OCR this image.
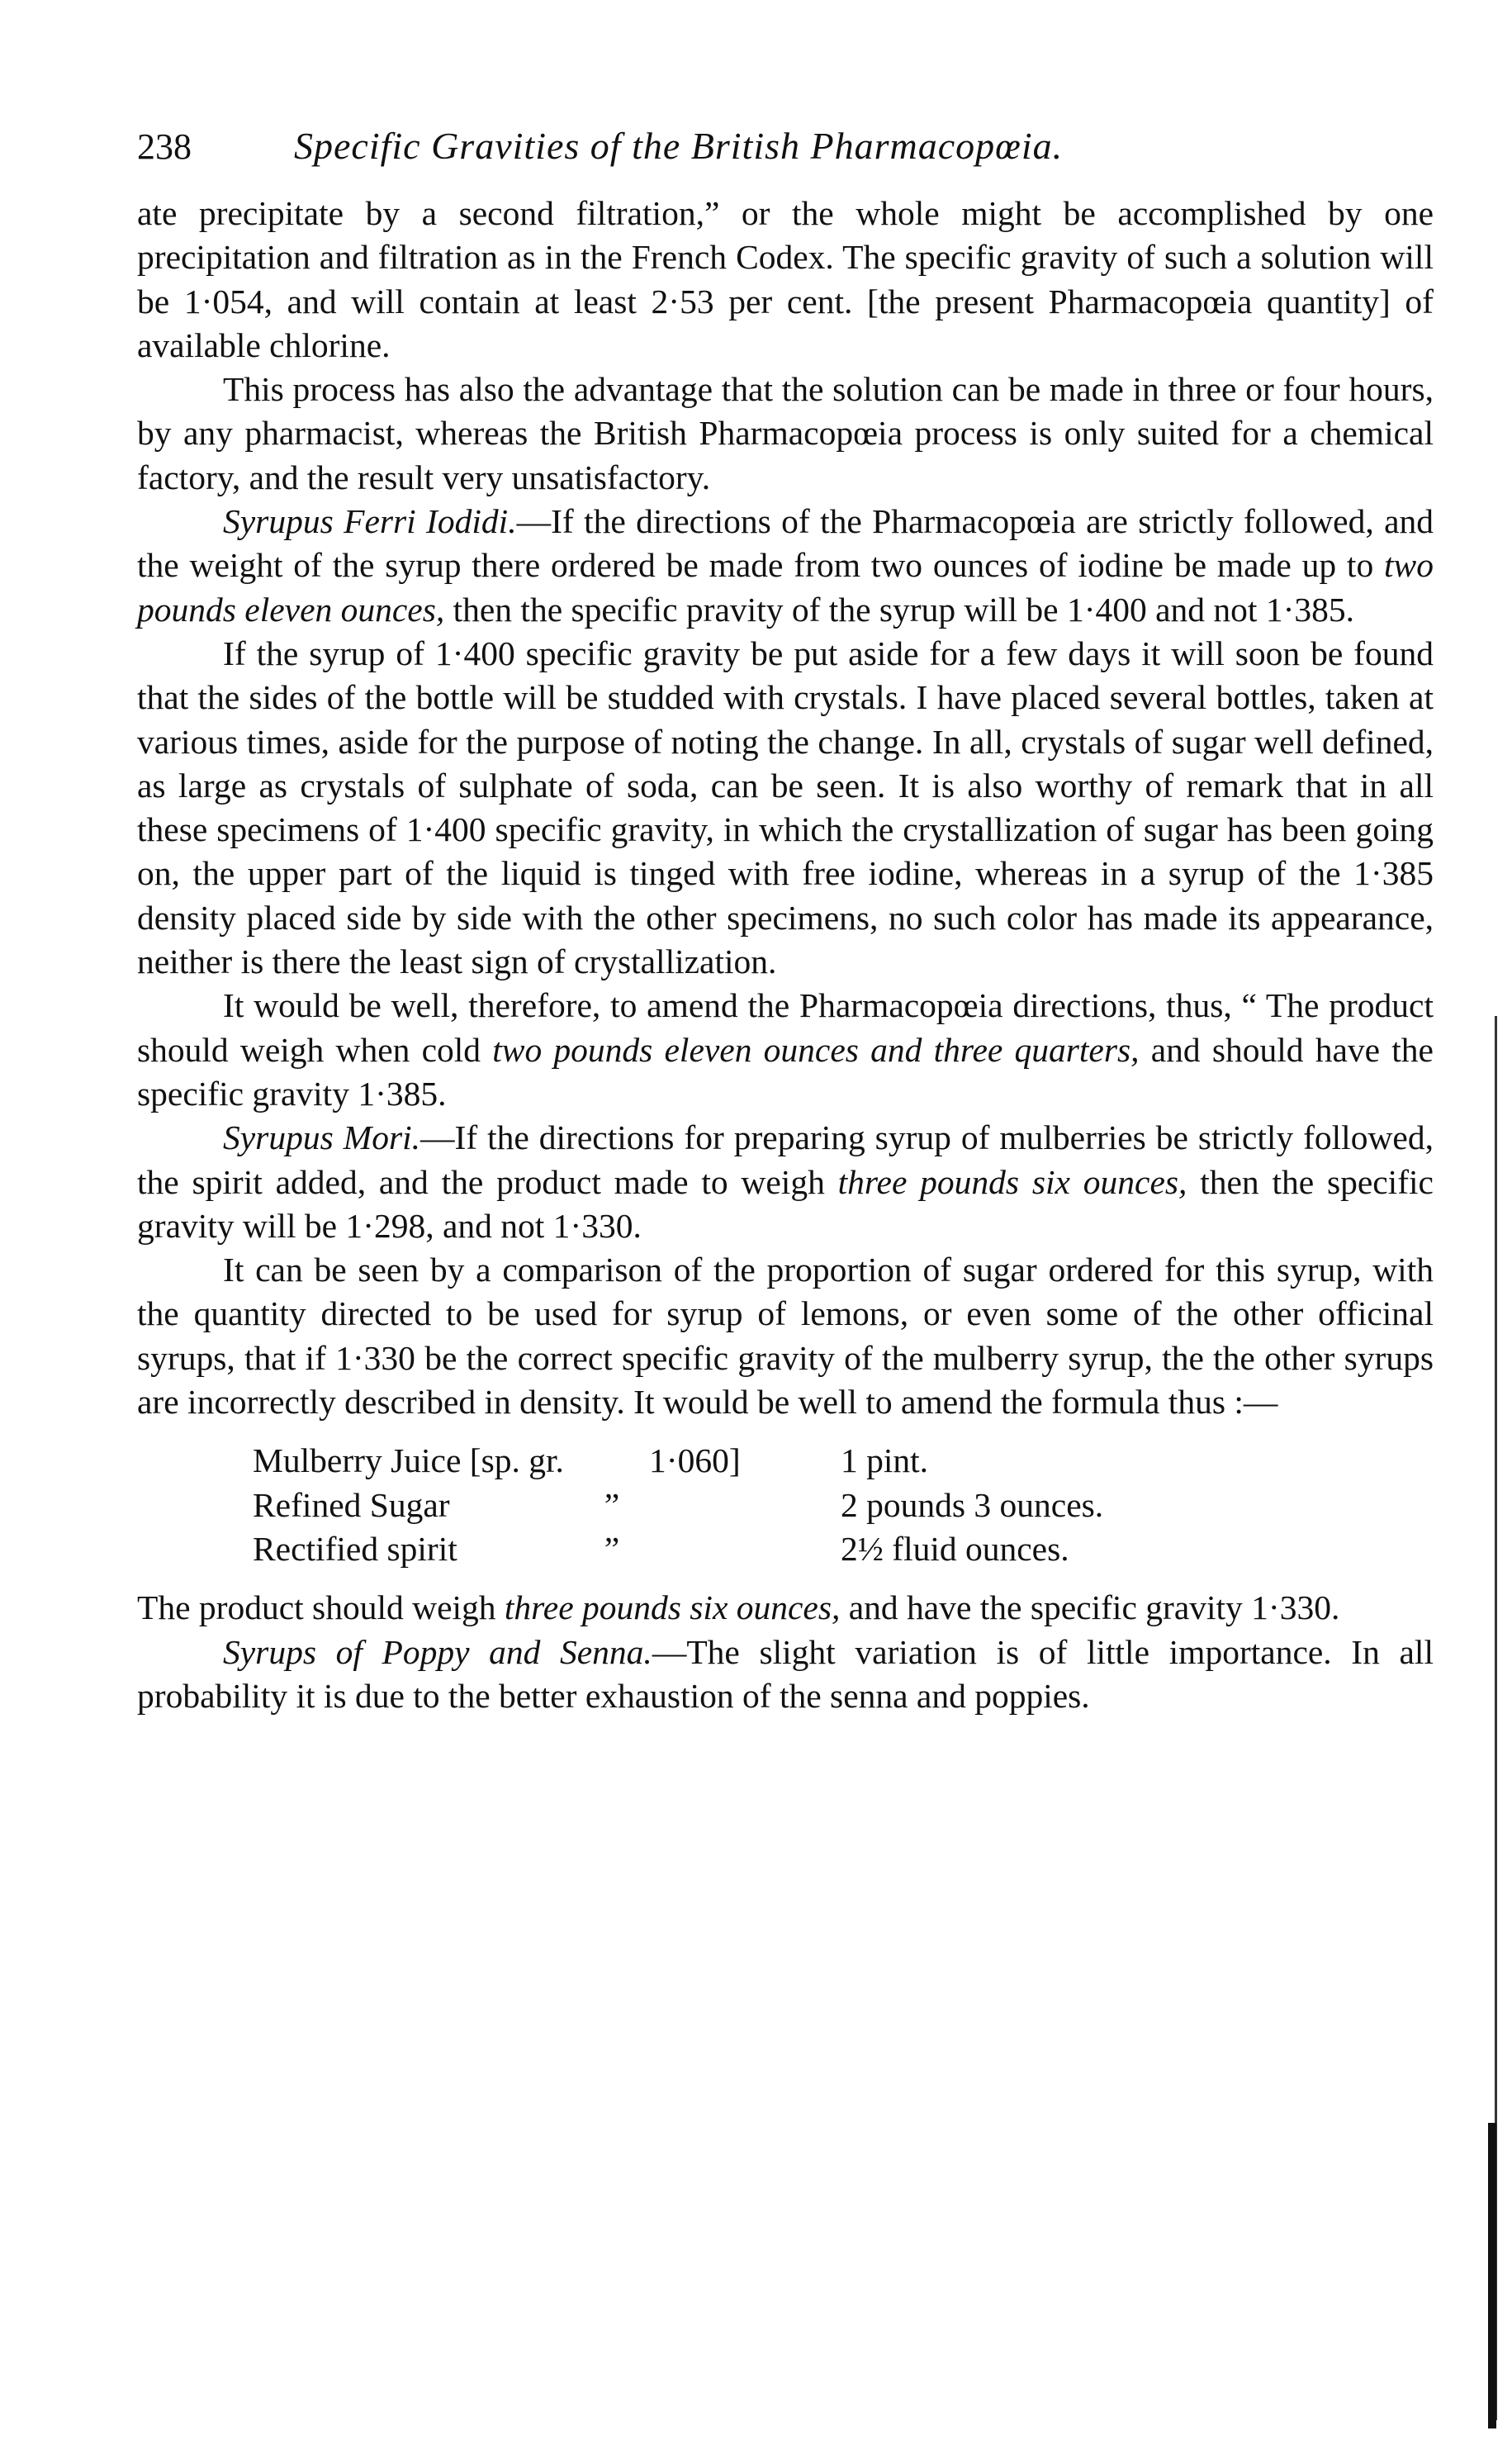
238	Specific Gravities of the British Pharmacopœia.

ate precipitate by a second filtration,” or the whole might be accomplished by one precipitation and filtration as in the French Codex. The specific gravity of such a solution will be 1·054, and will contain at least 2·53 per cent. [the present Pharmacopœia quantity] of available chlorine.

This process has also the advantage that the solution can be made in three or four hours, by any pharmacist, whereas the British Pharmacopœia process is only suited for a chemical factory, and the result very unsatisfactory.

Syrupus Ferri Iodidi.—If the directions of the Pharmacopœia are strictly followed, and the weight of the syrup there ordered be made from two ounces of iodine be made up to two pounds eleven ounces, then the specific pravity of the syrup will be 1·400 and not 1·385.

If the syrup of 1·400 specific gravity be put aside for a few days it will soon be found that the sides of the bottle will be studded with crystals. I have placed several bottles, taken at various times, aside for the purpose of noting the change. In all, crystals of sugar well defined, as large as crystals of sulphate of soda, can be seen. It is also worthy of remark that in all these specimens of 1·400 specific gravity, in which the crystallization of sugar has been going on, the upper part of the liquid is tinged with free iodine, whereas in a syrup of the 1·385 density placed side by side with the other specimens, no such color has made its appearance, neither is there the least sign of crystallization.

It would be well, therefore, to amend the Pharmacopœia directions, thus, “ The product should weigh when cold two pounds eleven ounces and three quarters, and should have the specific gravity 1·385.

Syrupus Mori.—If the directions for preparing syrup of mulberries be strictly followed, the spirit added, and the product made to weigh three pounds six ounces, then the specific gravity will be 1·298, and not 1·330.

It can be seen by a comparison of the proportion of sugar ordered for this syrup, with the quantity directed to be used for syrup of lemons, or even some of the other officinal syrups, that if 1·330 be the correct specific gravity of the mulberry syrup, the the other syrups are incorrectly described in density. It would be well to amend the formula thus :—

Mulberry Juice [sp. gr.	1·060]	1 pint.
Refined Sugar	”	2 pounds 3 ounces.
Rectified spirit	”	2½ fluid ounces.

The product should weigh three pounds six ounces, and have the specific gravity 1·330.

Syrups of Poppy and Senna.—The slight variation is of little importance. In all probability it is due to the better exhaustion of the senna and poppies.
